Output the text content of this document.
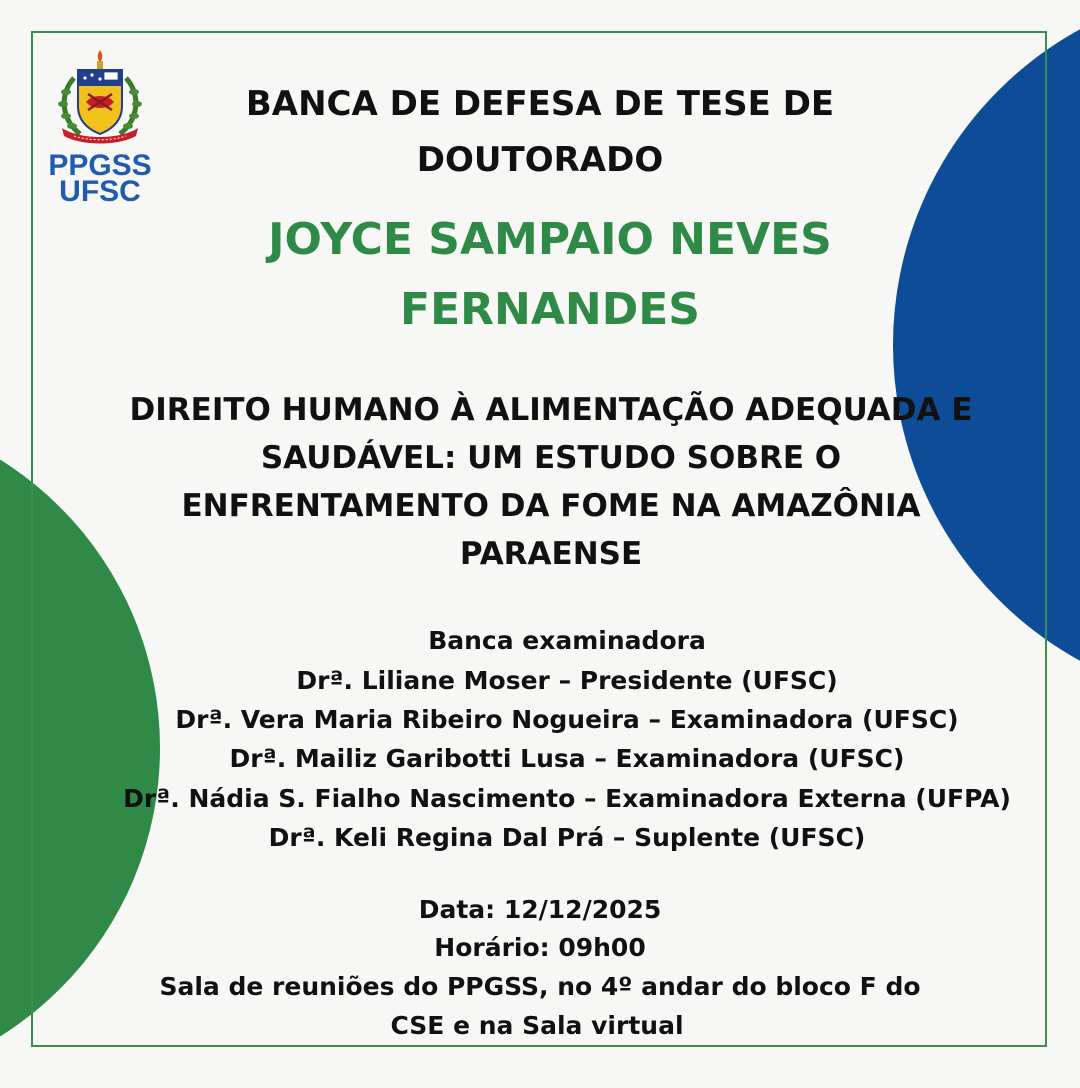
PPGSS
UFSC
BANCA DE DEFESA DE TESE DE
DOUTORADO
JOYCE SAMPAIO NEVES
FERNANDES
DIREITO HUMANO À ALIMENTAÇÃO ADEQUADA E
SAUDÁVEL: UM ESTUDO SOBRE O
ENFRENTAMENTO DA FOME NA AMAZÔNIA
PARAENSE
Banca examinadora
Drª. Liliane Moser – Presidente (UFSC)
Drª. Vera Maria Ribeiro Nogueira – Examinadora (UFSC)
Drª. Mailiz Garibotti Lusa – Examinadora (UFSC)
Drª. Nádia S. Fialho Nascimento – Examinadora Externa (UFPA)
Drª. Keli Regina Dal Prá – Suplente (UFSC)
Data: 12/12/2025
Horário: 09h00
Sala de reuniões do PPGSS, no 4º andar do bloco F do
CSE e na Sala virtual
